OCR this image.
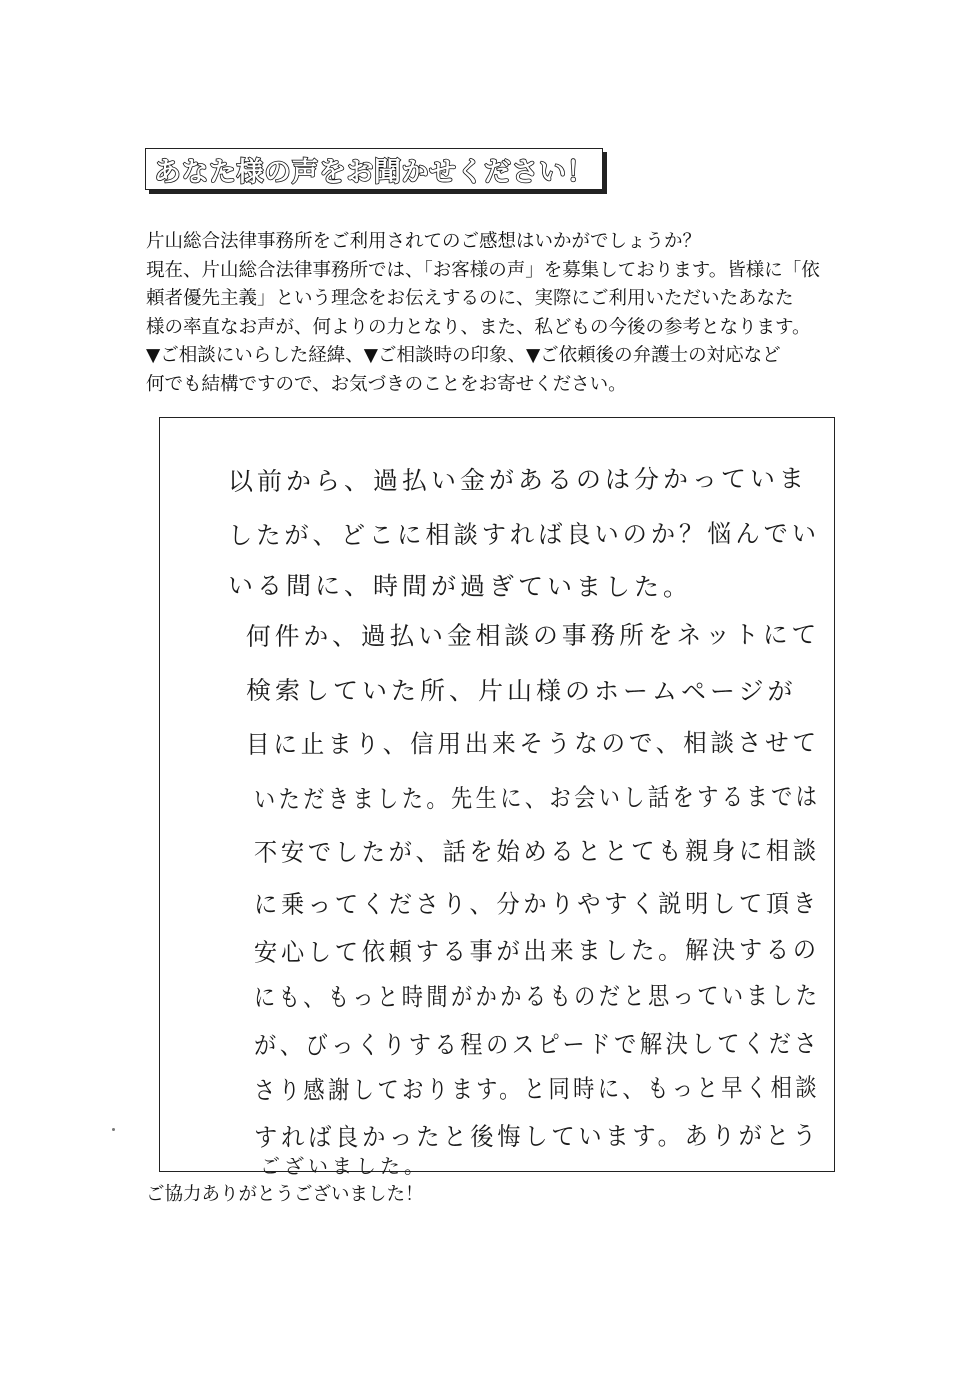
あなた様の声をお聞かせください！
片山総合法律事務所をご利用されてのご感想はいかがでしょうか？
現在、片山総合法律事務所では、「お客様の声」を募集しております。皆様に「依
頼者優先主義」という理念をお伝えするのに、実際にご利用いただいたあなた
様の率直なお声が、何よりの力となり、また、私どもの今後の参考となります。
▼ご相談にいらした経緯、▼ご相談時の印象、▼ご依頼後の弁護士の対応など
何でも結構ですので、お気づきのことをお寄せください。
以前から、過払い金があるのは分かっていま
したが、どこに相談すれば良いのか？悩んでい
いる間に、時間が過ぎていました。
何件か、過払い金相談の事務所をネットにて
検索していた所、片山様のホームページが
目に止まり、信用出来そうなので、相談させて
いただきました。先生に、お会いし話をするまでは
不安でしたが、話を始めるととても親身に相談
に乗ってくださり、分かりやすく説明して頂き
安心して依頼する事が出来ました。解決するの
にも、もっと時間がかかるものだと思っていました
が、びっくりする程のスピードで解決してくださ
さり感謝しております。と同時に、もっと早く相談
すれば良かったと後悔しています。ありがとう
ございました。
ご協力ありがとうございました！
